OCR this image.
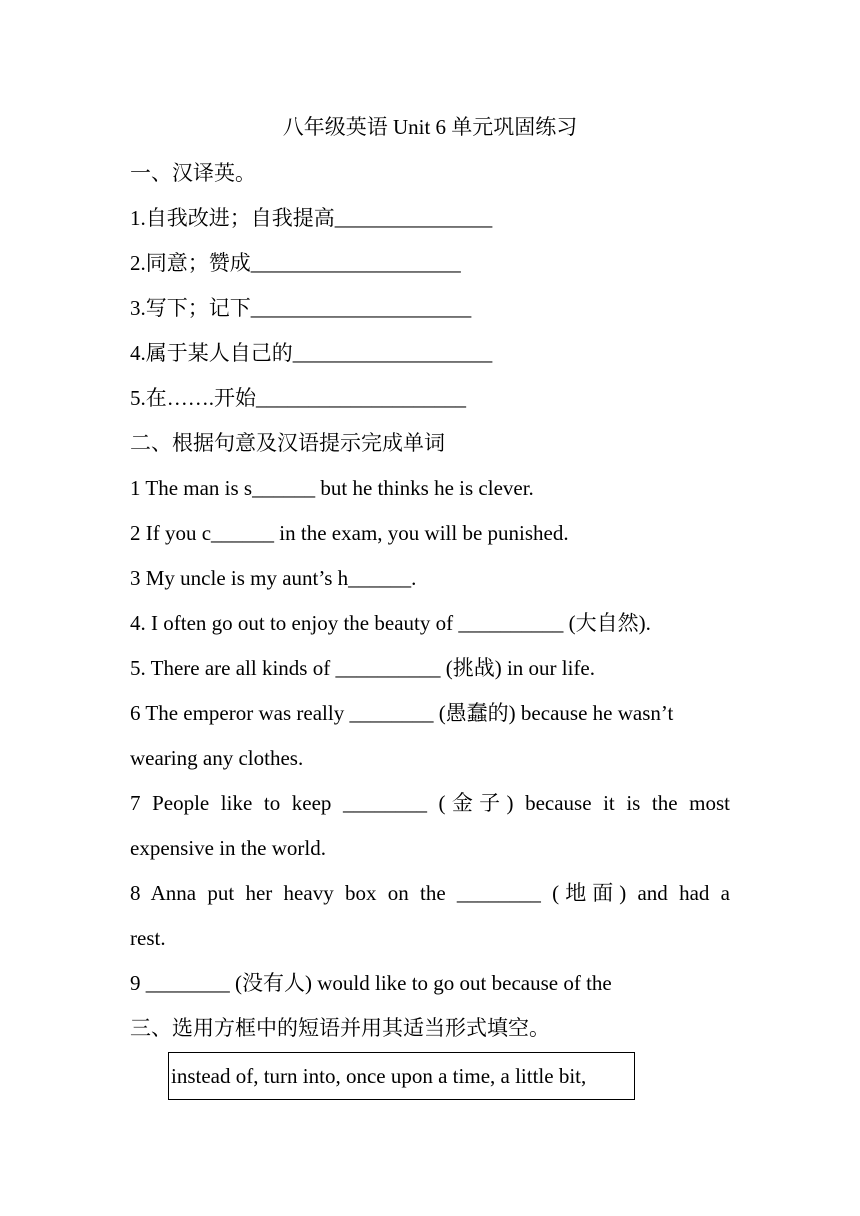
八年级英语 Unit 6 单元巩固练习
一、汉译英。
1.自我改进；自我提高_______________
2.同意；赞成____________________
3.写下；记下_____________________
4.属于某人自己的___________________
5.在…….开始____________________
二、根据句意及汉语提示完成单词
1 The man is s______ but he thinks he is clever.
2 If you c______ in the exam, you will be punished.
3 My uncle is my aunt’s h______.
4. I often go out to enjoy the beauty of __________ (大自然).
5. There are all kinds of __________ (挑战) in our life.
6 The emperor was really ________ (愚蠢的) because he wasn’t
wearing any clothes.
7 People like to keep ________ (金子) because it is the most
expensive in the world.
8 Anna put her heavy box on the ________ (地面) and had a
rest.
9 ________ (没有人) would like to go out because of the
三、选用方框中的短语并用其适当形式填空。
instead of, turn into, once upon a time, a little bit,
